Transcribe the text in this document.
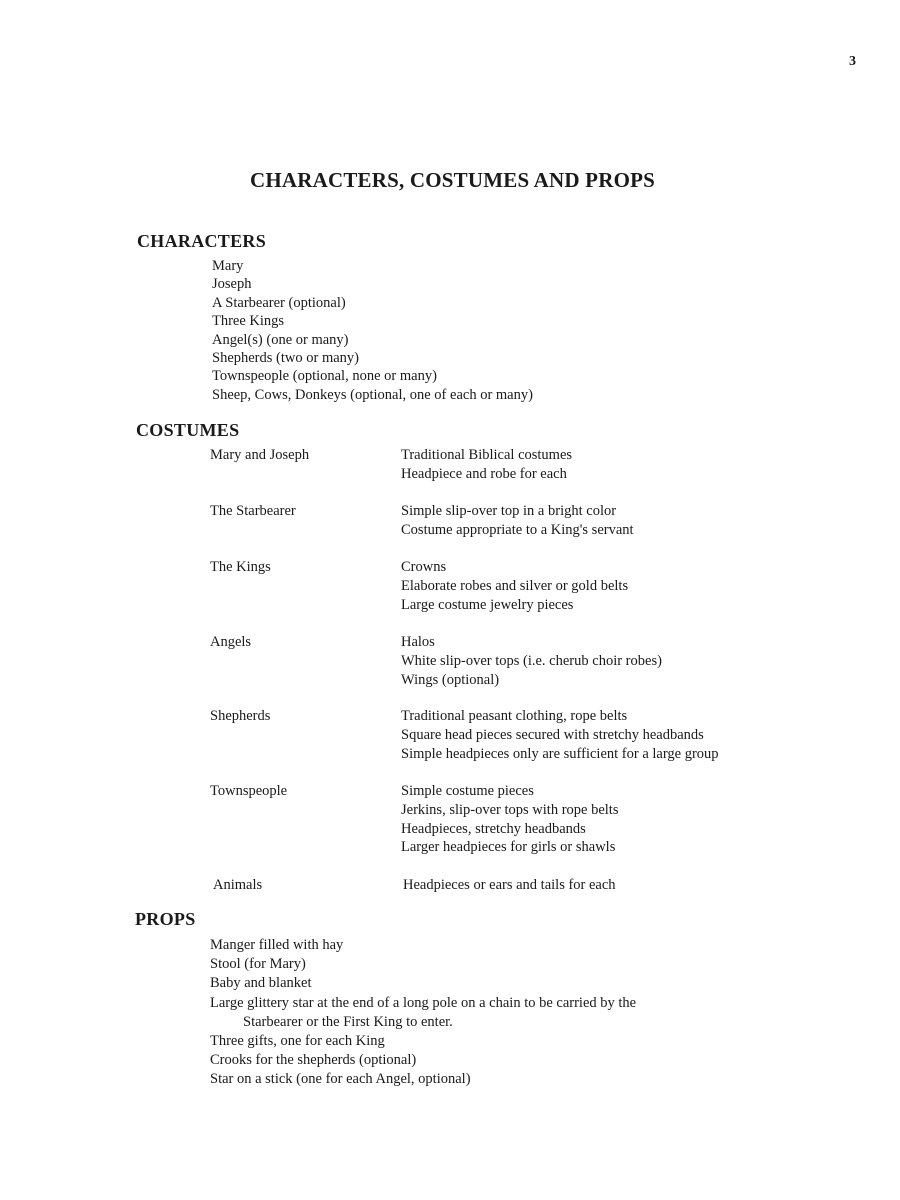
3
CHARACTERS, COSTUMES AND PROPS
CHARACTERS
Mary
Joseph
A Starbearer (optional)
Three Kings
Angel(s) (one or many)
Shepherds (two or many)
Townspeople (optional, none or many)
Sheep, Cows, Donkeys (optional, one of each or many)
COSTUMES
Mary and Joseph	Traditional Biblical costumes
Headpiece and robe for each
The Starbearer	Simple slip-over top in a bright color
Costume appropriate to a King's servant
The Kings	Crowns
Elaborate robes and silver or gold belts
Large costume jewelry pieces
Angels	Halos
White slip-over tops (i.e. cherub choir robes)
Wings (optional)
Shepherds	Traditional peasant clothing, rope belts
Square head pieces secured with stretchy headbands
Simple headpieces only are sufficient for a large group
Townspeople	Simple costume pieces
Jerkins, slip-over tops with rope belts
Headpieces, stretchy headbands
Larger headpieces for girls or shawls
Animals	Headpieces or ears and tails for each
PROPS
Manger filled with hay
Stool (for Mary)
Baby and blanket
Large glittery star at the end of a long pole on a chain to be carried by the
Starbearer or the First King to enter.
Three gifts, one for each King
Crooks for the shepherds (optional)
Star on a stick (one for each Angel, optional)
